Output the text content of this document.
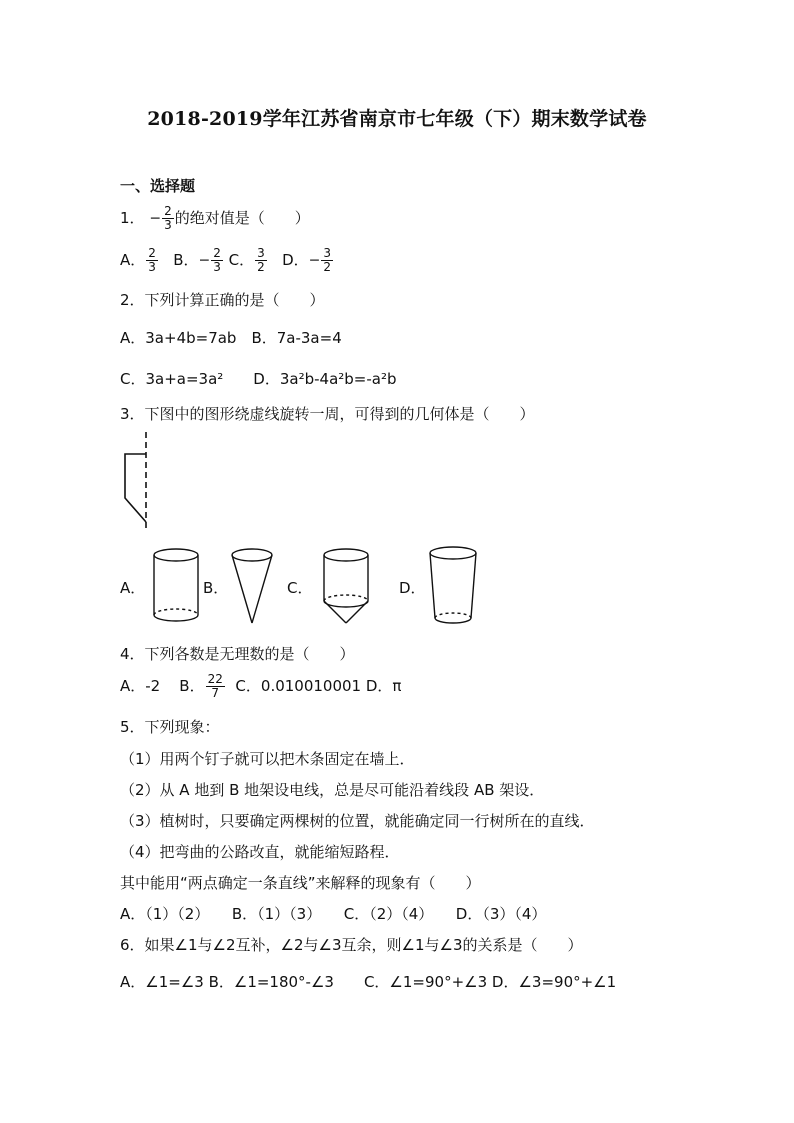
2018-2019学年江苏省南京市七年级（下）期末数学试卷
一、选择题
1． − $\frac{2}{3}$ 的绝对值是（　　）
A． $\frac{2}{3}$ B．− $\frac{2}{3}$ C． $\frac{3}{2}$ D．− $\frac{3}{2}$
2．下列计算正确的是（　　）
A．3a+4b=7ab　B．7a-3a=4
C．3a+a=3a²　　D．3a²b-4a²b=-a²b
3．下图中的图形绕虚线旋转一周，可得到的几何体是（　　）
A．	B．	C．	D．
4．下列各数是无理数的是（　　）
A．-2 B． $\frac{22}{7}$ C．0.010010001 D．π
5．下列现象：
（1）用两个钉子就可以把木条固定在墙上．
（2）从 A 地到 B 地架设电线，总是尽可能沿着线段 AB 架设．
（3）植树时，只要确定两棵树的位置，就能确定同一行树所在的直线．
（4）把弯曲的公路改直，就能缩短路程．
其中能用“两点确定一条直线”来解释的现象有（　　）
A．（1）（2）　　B．（1）（3）　　C．（2）（4）　　D．（3）（4）
6．如果∠1与∠2互补，∠2与∠3互余，则∠1与∠3的关系是（　　）
A．∠1=∠3 B．∠1=180°-∠3　　C．∠1=90°+∠3 D．∠3=90°+∠1
